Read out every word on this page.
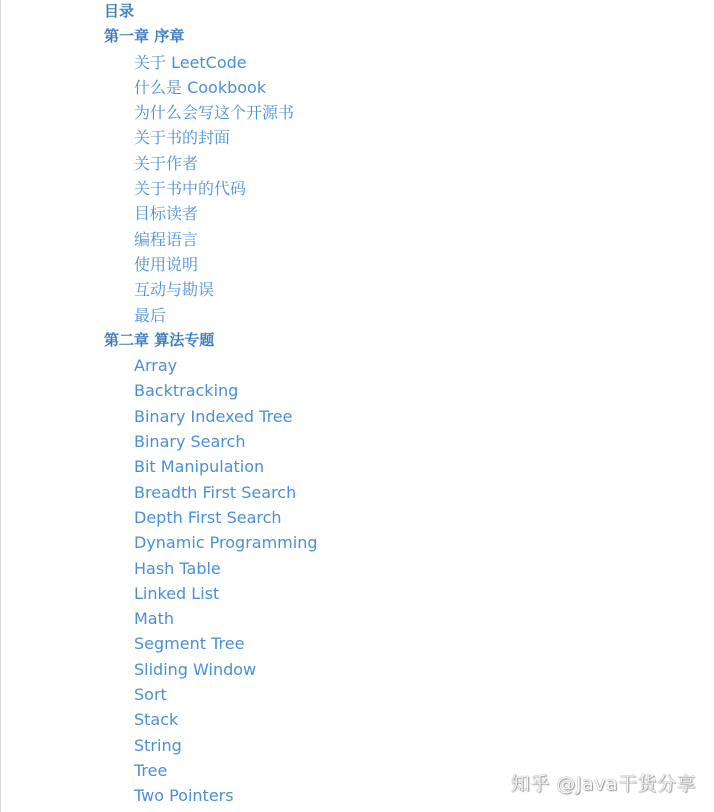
目录
第一章 序章
关于 LeetCode
什么是 Cookbook
为什么会写这个开源书
关于书的封面
关于作者
关于书中的代码
目标读者
编程语言
使用说明
互动与勘误
最后
第二章 算法专题
Array
Backtracking
Binary Indexed Tree
Binary Search
Bit Manipulation
Breadth First Search
Depth First Search
Dynamic Programming
Hash Table
Linked List
Math
Segment Tree
Sliding Window
Sort
Stack
String
Tree
Two Pointers
知乎 @Java干货分享
